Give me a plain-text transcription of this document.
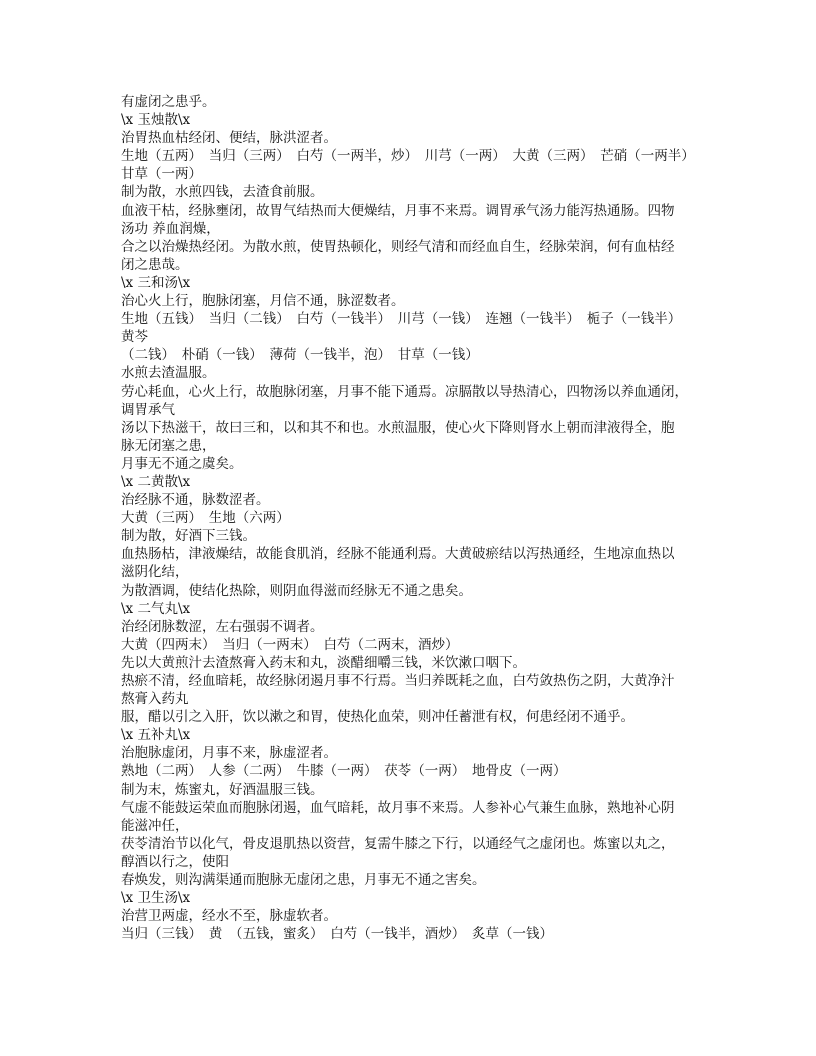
有虚闭之患乎。

\x 玉烛散\x

治胃热血枯经闭、便结，脉洪涩者。

生地（五两）　当归（三两）　白芍（一两半，炒）　川芎（一两）　大黄（三两）　芒硝（一两半）

甘草（一两）

制为散，水煎四钱，去渣食前服。

血液干枯，经脉壅闭，故胃气结热而大便燥结，月事不来焉。调胃承气汤力能泻热通肠。四物

汤功 养血润燥，

合之以治燥热经闭。为散水煎，使胃热顿化，则经气清和而经血自生，经脉荣润，何有血枯经

闭之患哉。

\x 三和汤\x

治心火上行，胞脉闭塞，月信不通，脉涩数者。

生地（五钱）　当归（二钱）　白芍（一钱半）　川芎（一钱）　连翘（一钱半）　栀子（一钱半）

黄芩

（二钱）　朴硝（一钱）　薄荷（一钱半，泡）　甘草（一钱）

水煎去渣温服。

劳心耗血，心火上行，故胞脉闭塞，月事不能下通焉。凉膈散以导热清心，四物汤以养血通闭，

调胃承气

汤以下热滋干，故曰三和，以和其不和也。水煎温服，使心火下降则肾水上朝而津液得全，胞

脉无闭塞之患，

月事无不通之虞矣。

\x 二黄散\x

治经脉不通，脉数涩者。

大黄（三两）　生地（六两）

制为散，好酒下三钱。

血热肠枯，津液燥结，故能食肌消，经脉不能通利焉。大黄破瘀结以泻热通经，生地凉血热以

滋阴化结，

为散酒调，使结化热除，则阴血得滋而经脉无不通之患矣。

\x 二气丸\x

治经闭脉数涩，左右强弱不调者。

大黄（四两末）　当归（一两末）　白芍（二两末，酒炒）

先以大黄煎汁去渣熬膏入药末和丸，淡醋细嚼三钱，米饮漱口咽下。

热瘀不清，经血暗耗，故经脉闭遏月事不行焉。当归养既耗之血，白芍敛热伤之阴，大黄净汁

熬膏入药丸

服，醋以引之入肝，饮以漱之和胃，使热化血荣，则冲任蓄泄有权，何患经闭不通乎。

\x 五补丸\x

治胞脉虚闭，月事不来，脉虚涩者。

熟地（二两）　人参（二两）　牛膝（一两）　茯苓（一两）　地骨皮（一两）

制为末，炼蜜丸，好酒温服三钱。

气虚不能鼓运荣血而胞脉闭遏，血气暗耗，故月事不来焉。人参补心气兼生血脉，熟地补心阴

能滋冲任，

茯苓清治节以化气，骨皮退肌热以资营，复需牛膝之下行，以通经气之虚闭也。炼蜜以丸之，

醇酒以行之，使阳

春焕发，则沟满渠通而胞脉无虚闭之患，月事无不通之害矣。

\x 卫生汤\x

治营卫两虚，经水不至，脉虚软者。

当归（三钱）　黄　（五钱，蜜炙）　白芍（一钱半，酒炒）　炙草（一钱）
